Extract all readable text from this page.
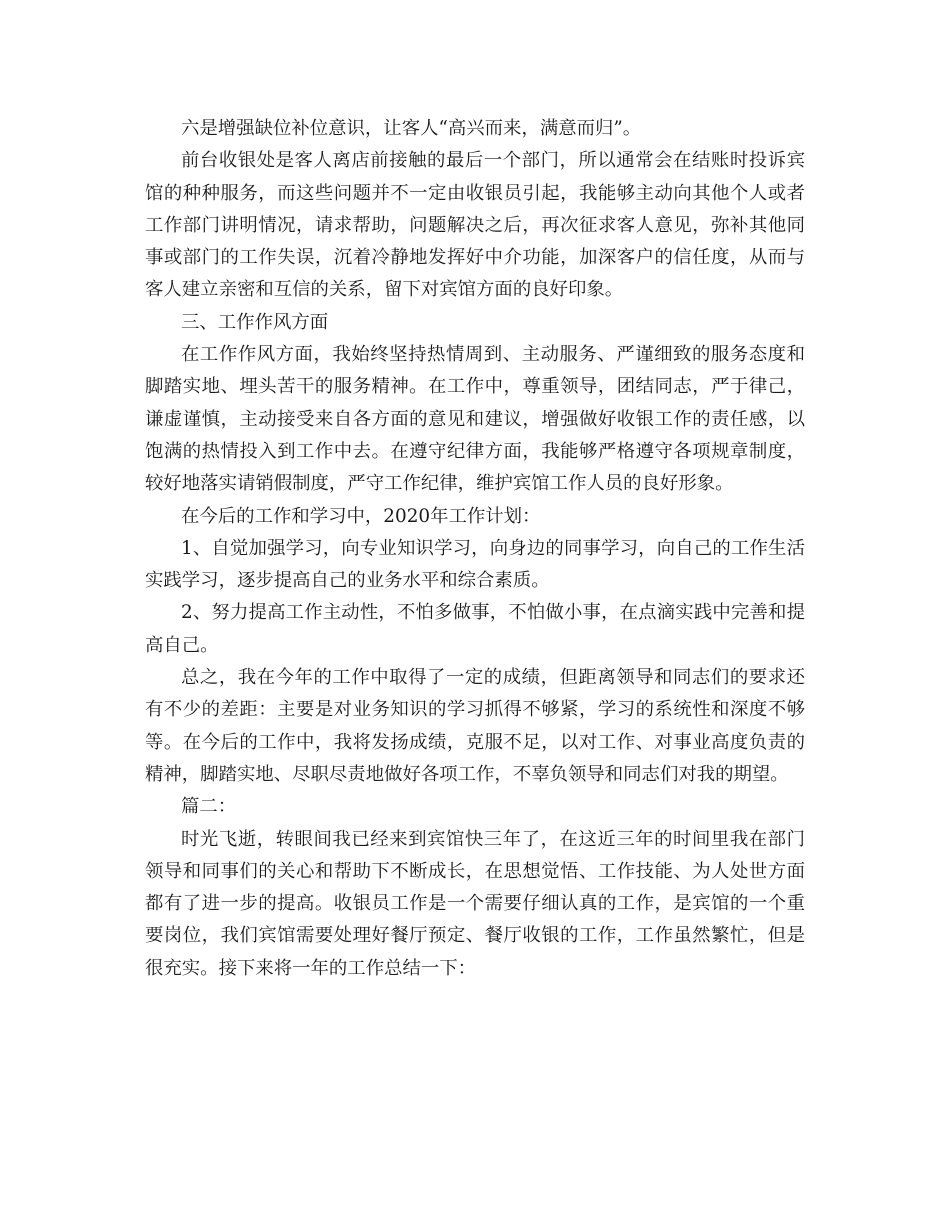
六是增强缺位补位意识，让客人“高兴而来，满意而归”。

前台收银处是客人离店前接触的最后一个部门，所以通常会在结账时投诉宾馆的种种服务，而这些问题并不一定由收银员引起，我能够主动向其他个人或者工作部门讲明情况，请求帮助，问题解决之后，再次征求客人意见，弥补其他同事或部门的工作失误，沉着冷静地发挥好中介功能，加深客户的信任度，从而与客人建立亲密和互信的关系，留下对宾馆方面的良好印象。

三、工作作风方面

在工作作风方面，我始终坚持热情周到、主动服务、严谨细致的服务态度和脚踏实地、埋头苦干的服务精神。在工作中，尊重领导，团结同志，严于律己，谦虚谨慎，主动接受来自各方面的意见和建议，增强做好收银工作的责任感，以饱满的热情投入到工作中去。在遵守纪律方面，我能够严格遵守各项规章制度，较好地落实请销假制度，严守工作纪律，维护宾馆工作人员的良好形象。

在今后的工作和学习中，2020年工作计划：

1、自觉加强学习，向专业知识学习，向身边的同事学习，向自己的工作生活实践学习，逐步提高自己的业务水平和综合素质。

2、努力提高工作主动性，不怕多做事，不怕做小事，在点滴实践中完善和提高自己。

总之，我在今年的工作中取得了一定的成绩，但距离领导和同志们的要求还有不少的差距：主要是对业务知识的学习抓得不够紧，学习的系统性和深度不够等。在今后的工作中，我将发扬成绩，克服不足，以对工作、对事业高度负责的精神，脚踏实地、尽职尽责地做好各项工作，不辜负领导和同志们对我的期望。

篇二：

时光飞逝，转眼间我已经来到宾馆快三年了，在这近三年的时间里我在部门领导和同事们的关心和帮助下不断成长，在思想觉悟、工作技能、为人处世方面都有了进一步的提高。收银员工作是一个需要仔细认真的工作，是宾馆的一个重要岗位，我们宾馆需要处理好餐厅预定、餐厅收银的工作，工作虽然繁忙，但是很充实。接下来将一年的工作总结一下：
